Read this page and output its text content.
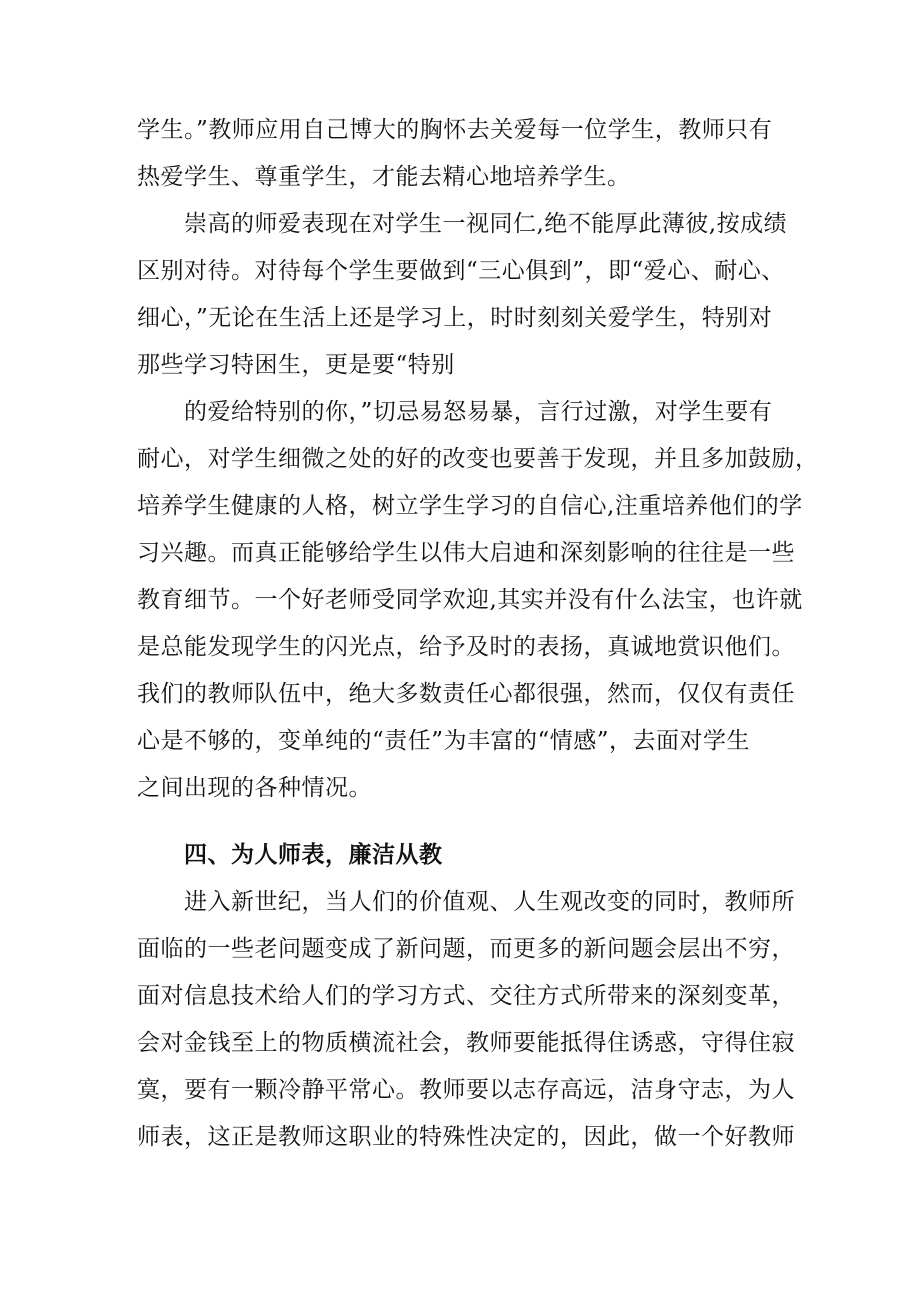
学生。”教师应用自己博大的胸怀去关爱每一位学生，教师只有
热爱学生、尊重学生，才能去精心地培养学生。
崇高的师爱表现在对学生一视同仁,绝不能厚此薄彼,按成绩
区别对待。对待每个学生要做到“三心俱到”，即“爱心、耐心、
细心，”无论在生活上还是学习上，时时刻刻关爱学生，特别对
那些学习特困生，更是要“特别
的爱给特别的你，”切忌易怒易暴，言行过激，对学生要有
耐心，对学生细微之处的好的改变也要善于发现，并且多加鼓励，
培养学生健康的人格，树立学生学习的自信心,注重培养他们的学
习兴趣。而真正能够给学生以伟大启迪和深刻影响的往往是一些
教育细节。一个好老师受同学欢迎,其实并没有什么法宝，也许就
是总能发现学生的闪光点，给予及时的表扬，真诚地赏识他们。
我们的教师队伍中，绝大多数责任心都很强，然而，仅仅有责任
心是不够的，变单纯的“责任”为丰富的“情感”，去面对学生
之间出现的各种情况。
四、为人师表，廉洁从教
进入新世纪，当人们的价值观、人生观改变的同时，教师所
面临的一些老问题变成了新问题，而更多的新问题会层出不穷，
面对信息技术给人们的学习方式、交往方式所带来的深刻变革，
会对金钱至上的物质横流社会，教师要能抵得住诱惑，守得住寂
寞，要有一颗冷静平常心。教师要以志存高远，洁身守志，为人
师表，这正是教师这职业的特殊性决定的，因此，做一个好教师
